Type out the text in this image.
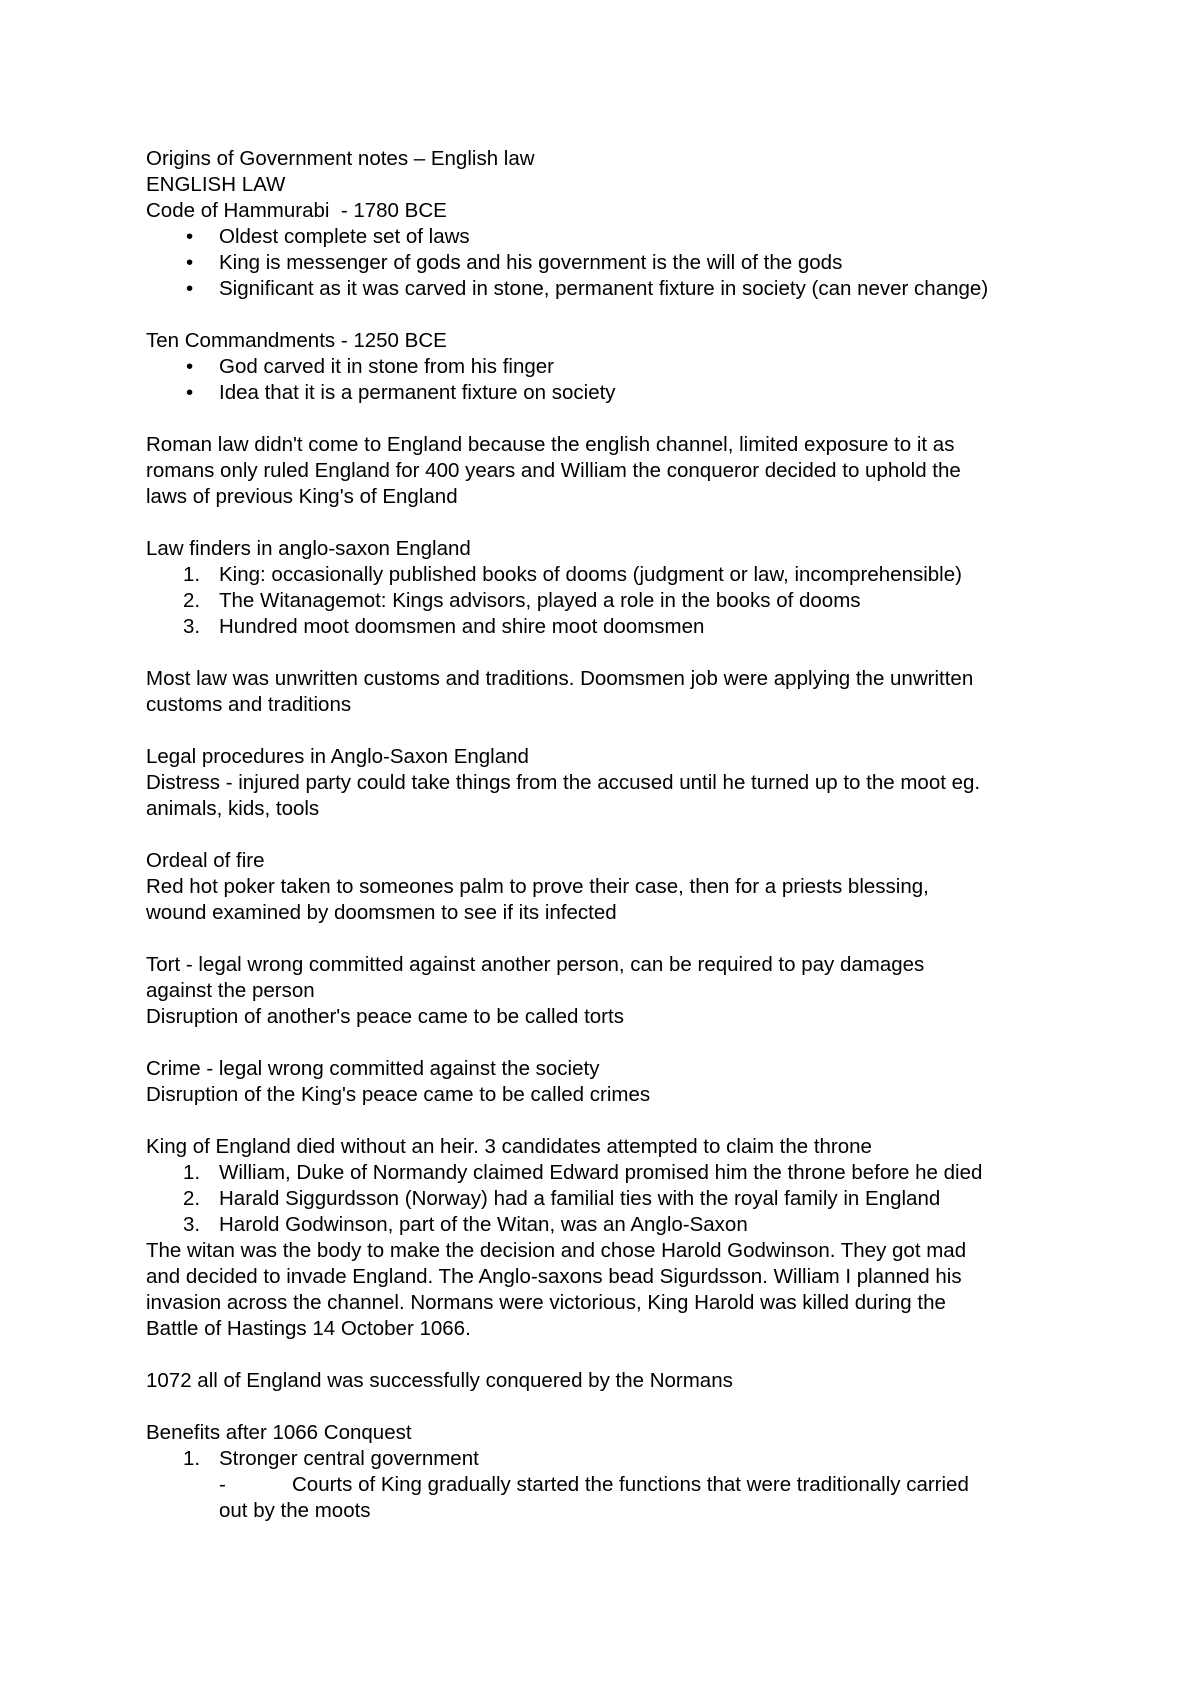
Origins of Government notes – English law

ENGLISH LAW

Code of Hammurabi  - 1780 BCE

•	Oldest complete set of laws
•	King is messenger of gods and his government is the will of the gods
•	Significant as it was carved in stone, permanent fixture in society (can never change)

Ten Commandments - 1250 BCE

•	God carved it in stone from his finger
•	Idea that it is a permanent fixture on society

Roman law didn't come to England because the english channel, limited exposure to it as

romans only ruled England for 400 years and William the conqueror decided to uphold the

laws of previous King's of England

Law finders in anglo-saxon England

1. King: occasionally published books of dooms (judgment or law, incomprehensible)
2. The Witanagemot: Kings advisors, played a role in the books of dooms
3. Hundred moot doomsmen and shire moot doomsmen

Most law was unwritten customs and traditions. Doomsmen job were applying the unwritten

customs and traditions

Legal procedures in Anglo-Saxon England

Distress - injured party could take things from the accused until he turned up to the moot eg.

animals, kids, tools

Ordeal of fire

Red hot poker taken to someones palm to prove their case, then for a priests blessing,

wound examined by doomsmen to see if its infected

Tort - legal wrong committed against another person, can be required to pay damages

against the person

Disruption of another's peace came to be called torts

Crime - legal wrong committed against the society

Disruption of the King's peace came to be called crimes

King of England died without an heir. 3 candidates attempted to claim the throne

1. William, Duke of Normandy claimed Edward promised him the throne before he died
2. Harald Siggurdsson (Norway) had a familial ties with the royal family in England
3. Harold Godwinson, part of the Witan, was an Anglo-Saxon

The witan was the body to make the decision and chose Harold Godwinson. They got mad

and decided to invade England. The Anglo-saxons bead Sigurdsson. William I planned his

invasion across the channel. Normans were victorious, King Harold was killed during the

Battle of Hastings 14 October 1066.

1072 all of England was successfully conquered by the Normans

Benefits after 1066 Conquest

1. Stronger central government
-	Courts of King gradually started the functions that were traditionally carried
out by the moots
